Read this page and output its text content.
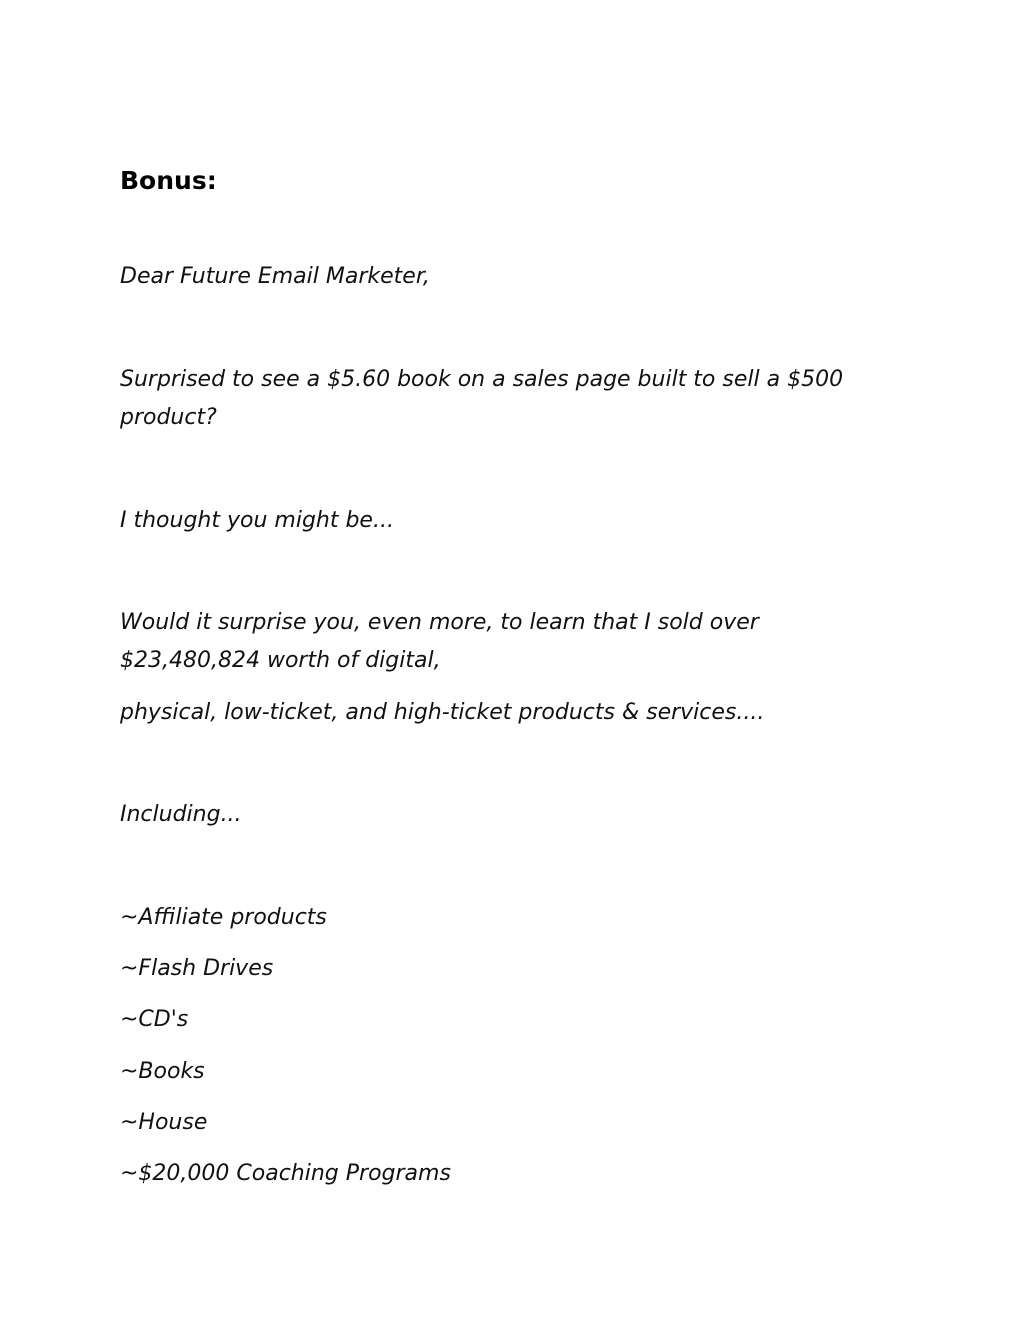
Bonus:

Dear Future Email Marketer,

Surprised to see a $5.60 book on a sales page built to sell a $500
product?

I thought you might be...

Would it surprise you, even more, to learn that I sold over
$23,480,824 worth of digital,

physical, low-ticket, and high-ticket products & services....

Including...

~Affiliate products

~Flash Drives

~CD's

~Books

~House

~$20,000 Coaching Programs
